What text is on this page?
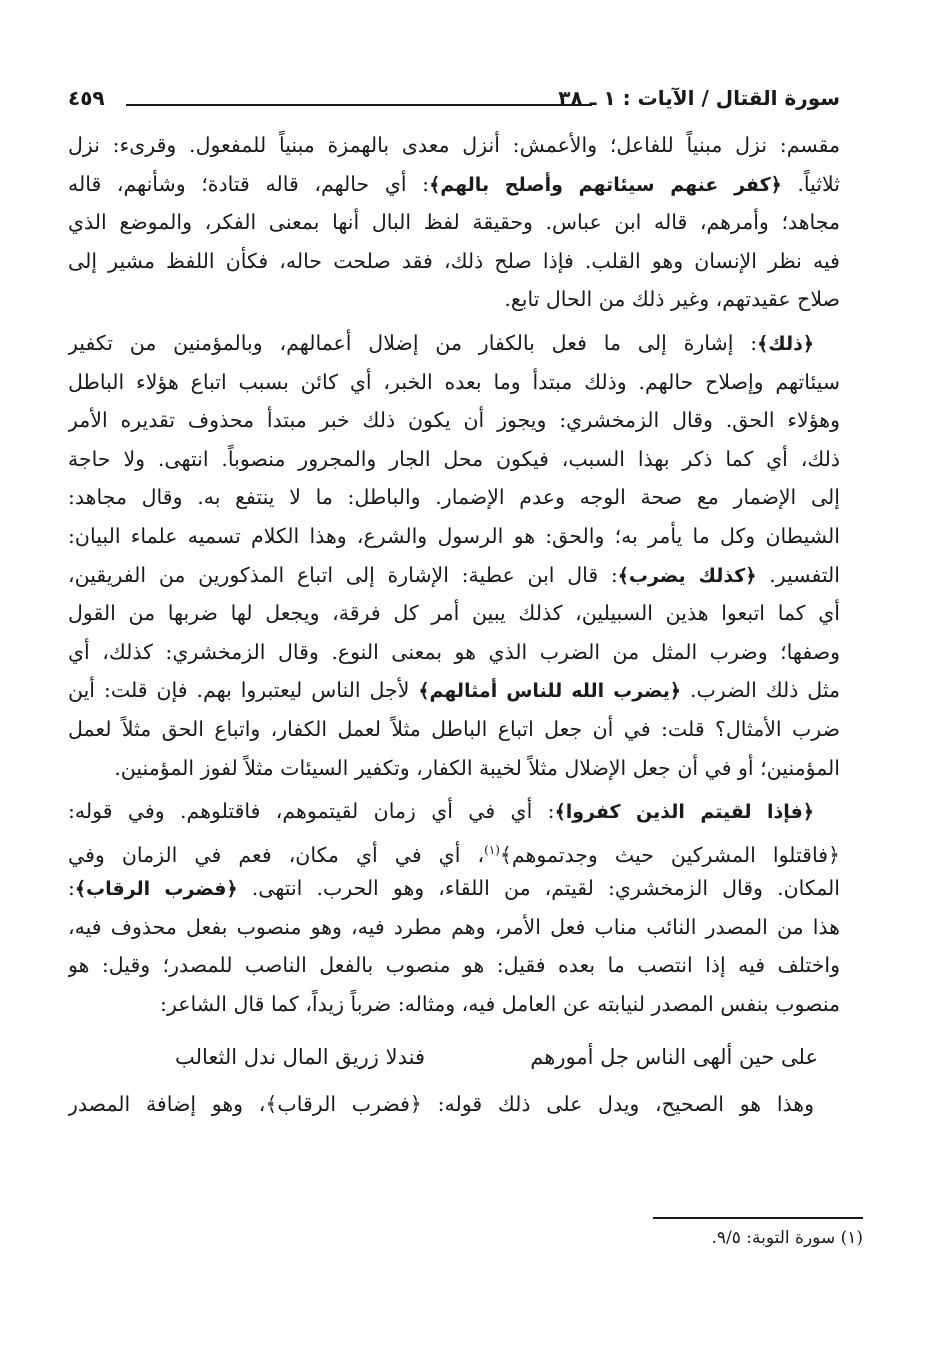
سورة القتال / الآيات : ١ ـ ٣٨
٤٥٩
مقسم: نزل مبنياً للفاعل؛ والأعمش: أنزل معدى بالهمزة مبنياً للمفعول. وقرىء: نزل
ثلاثياً. ﴿كفر عنهم سيئاتهم وأصلح بالهم﴾: أي حالهم، قاله قتادة؛ وشأنهم، قاله
مجاهد؛ وأمرهم، قاله ابن عباس. وحقيقة لفظ البال أنها بمعنى الفكر، والموضع الذي
فيه نظر الإنسان وهو القلب. فإذا صلح ذلك، فقد صلحت حاله، فكأن اللفظ مشير إلى
صلاح عقيدتهم، وغير ذلك من الحال تابع.
﴿ذلك﴾: إشارة إلى ما فعل بالكفار من إضلال أعمالهم، وبالمؤمنين من تكفير
سيئاتهم وإصلاح حالهم. وذلك مبتدأ وما بعده الخبر، أي كائن بسبب اتباع هؤلاء الباطل
وهؤلاء الحق. وقال الزمخشري: ويجوز أن يكون ذلك خبر مبتدأ محذوف تقديره الأمر
ذلك، أي كما ذكر بهذا السبب، فيكون محل الجار والمجرور منصوباً. انتهى. ولا حاجة
إلى الإضمار مع صحة الوجه وعدم الإضمار. والباطل: ما لا ينتفع به. وقال مجاهد:
الشيطان وكل ما يأمر به؛ والحق: هو الرسول والشرع، وهذا الكلام تسميه علماء البيان:
التفسير. ﴿كذلك يضرب﴾: قال ابن عطية: الإشارة إلى اتباع المذكورين من الفريقين،
أي كما اتبعوا هذين السبيلين، كذلك يبين أمر كل فرقة، ويجعل لها ضربها من القول
وصفها؛ وضرب المثل من الضرب الذي هو بمعنى النوع. وقال الزمخشري: كذلك، أي
مثل ذلك الضرب. ﴿يضرب الله للناس أمثالهم﴾ لأجل الناس ليعتبروا بهم. فإن قلت: أين
ضرب الأمثال؟ قلت: في أن جعل اتباع الباطل مثلاً لعمل الكفار، واتباع الحق مثلاً لعمل
المؤمنين؛ أو في أن جعل الإضلال مثلاً لخيبة الكفار، وتكفير السيئات مثلاً لفوز المؤمنين.
﴿فإذا لقيتم الذين كفروا﴾: أي في أي زمان لقيتموهم، فاقتلوهم. وفي قوله:
﴿فاقتلوا المشركين حيث وجدتموهم﴾$^{(١)}$، أي في أي مكان، فعم في الزمان وفي
المكان. وقال الزمخشري: لقيتم، من اللقاء، وهو الحرب. انتهى. ﴿فضرب الرقاب﴾:
هذا من المصدر النائب مناب فعل الأمر، وهم مطرد فيه، وهو منصوب بفعل محذوف فيه،
واختلف فيه إذا انتصب ما بعده فقيل: هو منصوب بالفعل الناصب للمصدر؛ وقيل: هو
منصوب بنفس المصدر لنيابته عن العامل فيه، ومثاله: ضرباً زيداً، كما قال الشاعر:
على حين ألهى الناس جل أمورهم
فندلا زريق المال ندل الثعالب
وهذا هو الصحيح، ويدل على ذلك قوله: ﴿فضرب الرقاب﴾، وهو إضافة المصدر
(١) سورة التوبة: ٩/٥.
